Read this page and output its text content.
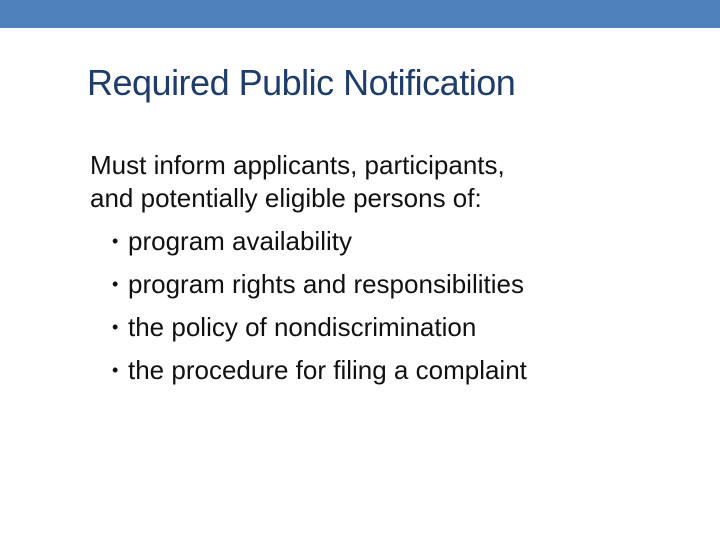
Required Public Notification

Must inform applicants, participants,
and potentially eligible persons of:

• program availability
• program rights and responsibilities
• the policy of nondiscrimination
• the procedure for filing a complaint
